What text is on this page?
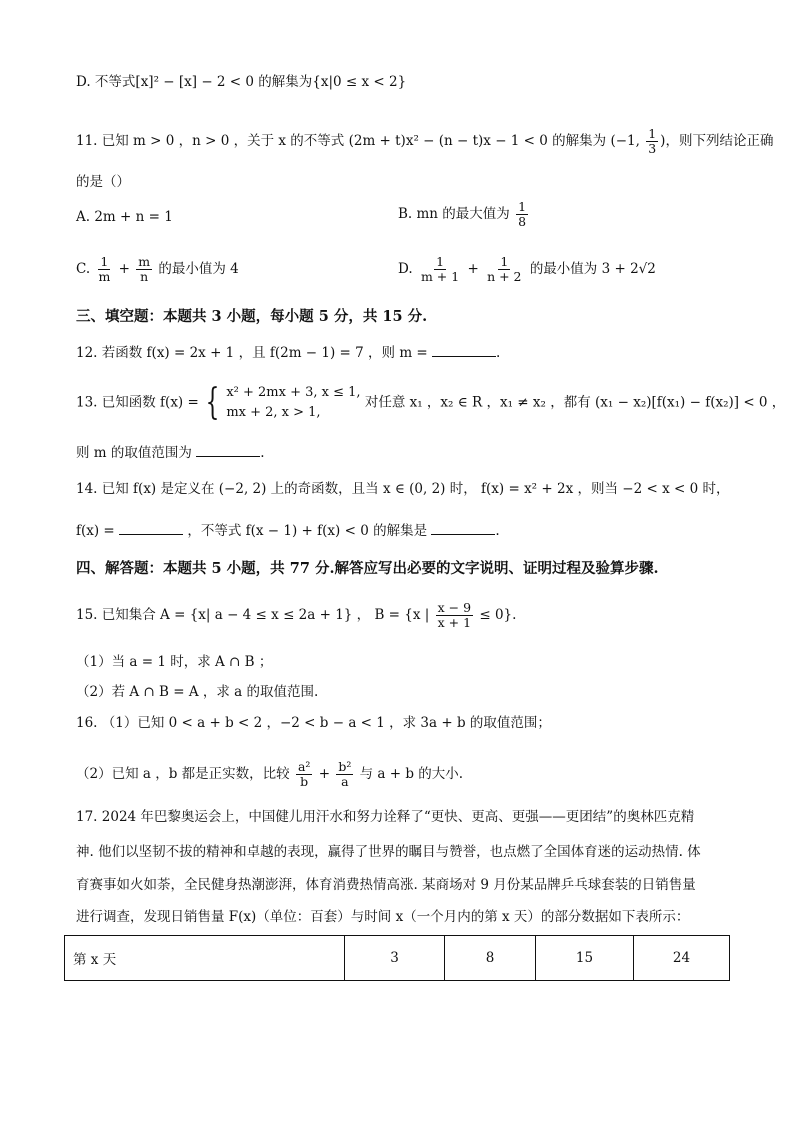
D. 不等式[x]² − [x] − 2 < 0 的解集为{x|0 ≤ x < 2}
11. 已知 m > 0 ，n > 0 ，关于 x 的不等式 (2m + t)x² − (n − t)x − 1 < 0 的解集为 (−1, $\frac{1}{3}$ )，则下列结论正确
的是（）
A. 2m + n = 1	B. mn 的最大值为 $\frac{1}{8}$
C. $\frac{1}{m} + \frac{m}{n}$ 的最小值为 4	D. $\frac{1}{m + 1} + \frac{1}{n + 2}$ 的最小值为 3 + 2√2
三、填空题：本题共 3 小题，每小题 5 分，共 15 分.
12. 若函数 f(x) = 2x + 1 ，且 f(2m − 1) = 7 ，则 m =	.
13. 已知函数 f(x) = { x² + 2mx + 3, x ≤ 1,
mx + 2, x > 1,
对任意 x₁ ，x₂ ∈ R ，x₁ ≠ x₂ ，都有 (x₁ − x₂)[f(x₁) − f(x₂)] < 0 ，
则 m 的取值范围为	.
14. 已知 f(x) 是定义在 (−2, 2) 上的奇函数，且当 x ∈ (0, 2) 时， f(x) = x² + 2x ，则当 −2 < x < 0 时，
f(x) =	，不等式 f(x − 1) + f(x) < 0 的解集是	.
四、解答题：本题共 5 小题，共 77 分.解答应写出必要的文字说明、证明过程及验算步骤.
15. 已知集合 A = {x| a − 4 ≤ x ≤ 2a + 1} ， B = {x | $\frac{x - 9}{x + 1} \le 0$}.
（1）当 a = 1 时，求 A ∩ B ；
（2）若 A ∩ B = A ，求 a 的取值范围.
16. （1）已知 0 < a + b < 2 ，−2 < b − a < 1 ，求 3a + b 的取值范围；
（2）已知 a ，b 都是正实数，比较 $\frac{\text{a²}}{b} + \frac{\text{b²}}{a}$ 与 a + b 的大小.
17. 2024 年巴黎奥运会上，中国健儿用汗水和努力诠释了“更快、更高、更强——更团结”的奥林匹克精
神. 他们以坚韧不拔的精神和卓越的表现，赢得了世界的瞩目与赞誉，也点燃了全国体育迷的运动热情. 体
育赛事如火如荼，全民健身热潮澎湃，体育消费热情高涨. 某商场对 9 月份某品牌乒乓球套装的日销售量
进行调查，发现日销售量 F(x)（单位：百套）与时间 x（一个月内的第 x 天）的部分数据如下表所示：
第 x 天	3	8	15	24
